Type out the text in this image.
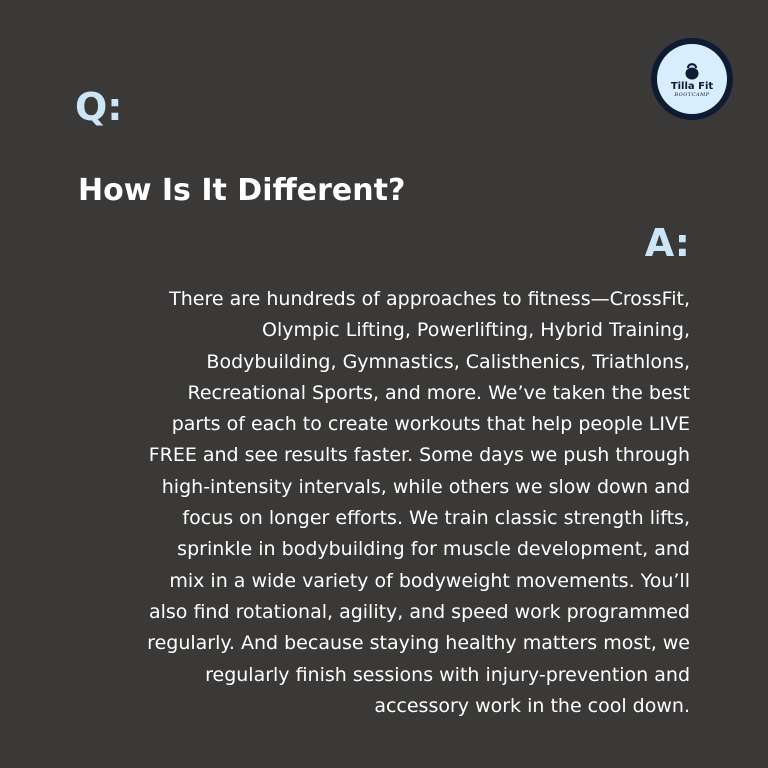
Tilla Fit
BOOTCAMP
Q:
How Is It Different?
A:
There are hundreds of approaches to fitness—CrossFit,
Olympic Lifting, Powerlifting, Hybrid Training,
Bodybuilding, Gymnastics, Calisthenics, Triathlons,
Recreational Sports, and more. We’ve taken the best
parts of each to create workouts that help people LIVE
FREE and see results faster. Some days we push through
high-intensity intervals, while others we slow down and
focus on longer efforts. We train classic strength lifts,
sprinkle in bodybuilding for muscle development, and
mix in a wide variety of bodyweight movements. You’ll
also find rotational, agility, and speed work programmed
regularly. And because staying healthy matters most, we
regularly finish sessions with injury-prevention and
accessory work in the cool down.
